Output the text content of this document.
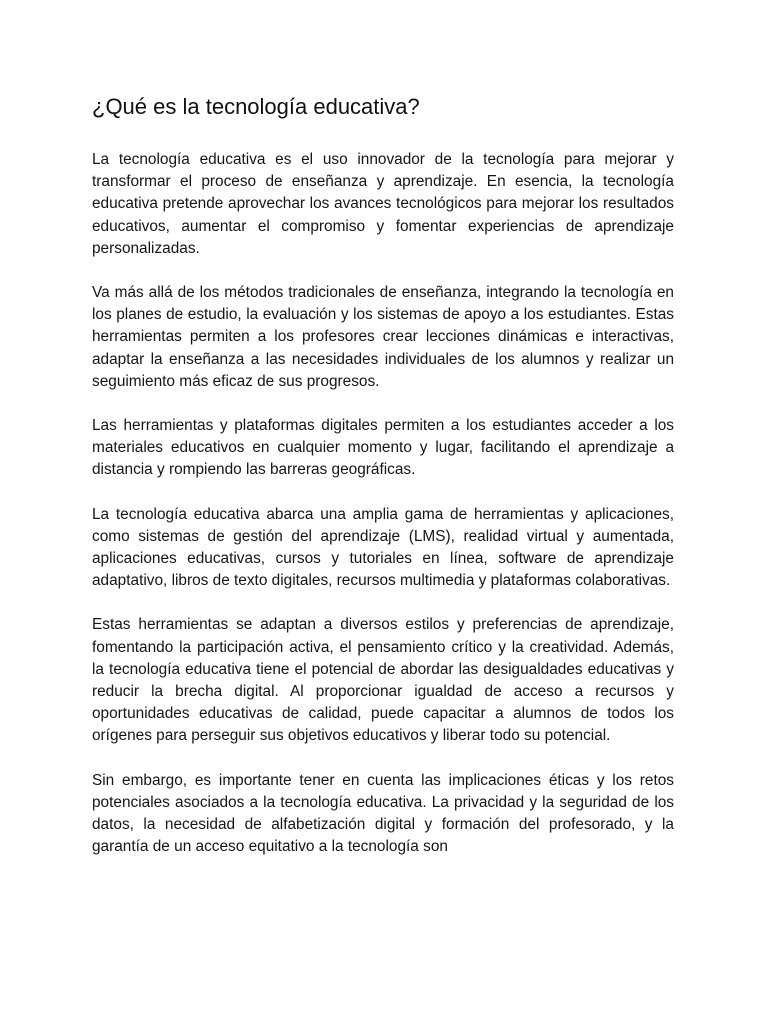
¿Qué es la tecnología educativa?

La tecnología educativa es el uso innovador de la tecnología para mejorar y transformar el proceso de enseñanza y aprendizaje. En esencia, la tecnología educativa pretende aprovechar los avances tecnológicos para mejorar los resultados educativos, aumentar el compromiso y fomentar experiencias de aprendizaje personalizadas.

Va más allá de los métodos tradicionales de enseñanza, integrando la tecnología en los planes de estudio, la evaluación y los sistemas de apoyo a los estudiantes. Estas herramientas permiten a los profesores crear lecciones dinámicas e interactivas, adaptar la enseñanza a las necesidades individuales de los alumnos y realizar un seguimiento más eficaz de sus progresos.

Las herramientas y plataformas digitales permiten a los estudiantes acceder a los materiales educativos en cualquier momento y lugar, facilitando el aprendizaje a distancia y rompiendo las barreras geográficas.

La tecnología educativa abarca una amplia gama de herramientas y aplicaciones, como sistemas de gestión del aprendizaje (LMS), realidad virtual y aumentada, aplicaciones educativas, cursos y tutoriales en línea, software de aprendizaje adaptativo, libros de texto digitales, recursos multimedia y plataformas colaborativas.

Estas herramientas se adaptan a diversos estilos y preferencias de aprendizaje, fomentando la participación activa, el pensamiento crítico y la creatividad. Además, la tecnología educativa tiene el potencial de abordar las desigualdades educativas y reducir la brecha digital. Al proporcionar igualdad de acceso a recursos y oportunidades educativas de calidad, puede capacitar a alumnos de todos los orígenes para perseguir sus objetivos educativos y liberar todo su potencial.

Sin embargo, es importante tener en cuenta las implicaciones éticas y los retos potenciales asociados a la tecnología educativa. La privacidad y la seguridad de los datos, la necesidad de alfabetización digital y formación del profesorado, y la garantía de un acceso equitativo a la tecnología son
